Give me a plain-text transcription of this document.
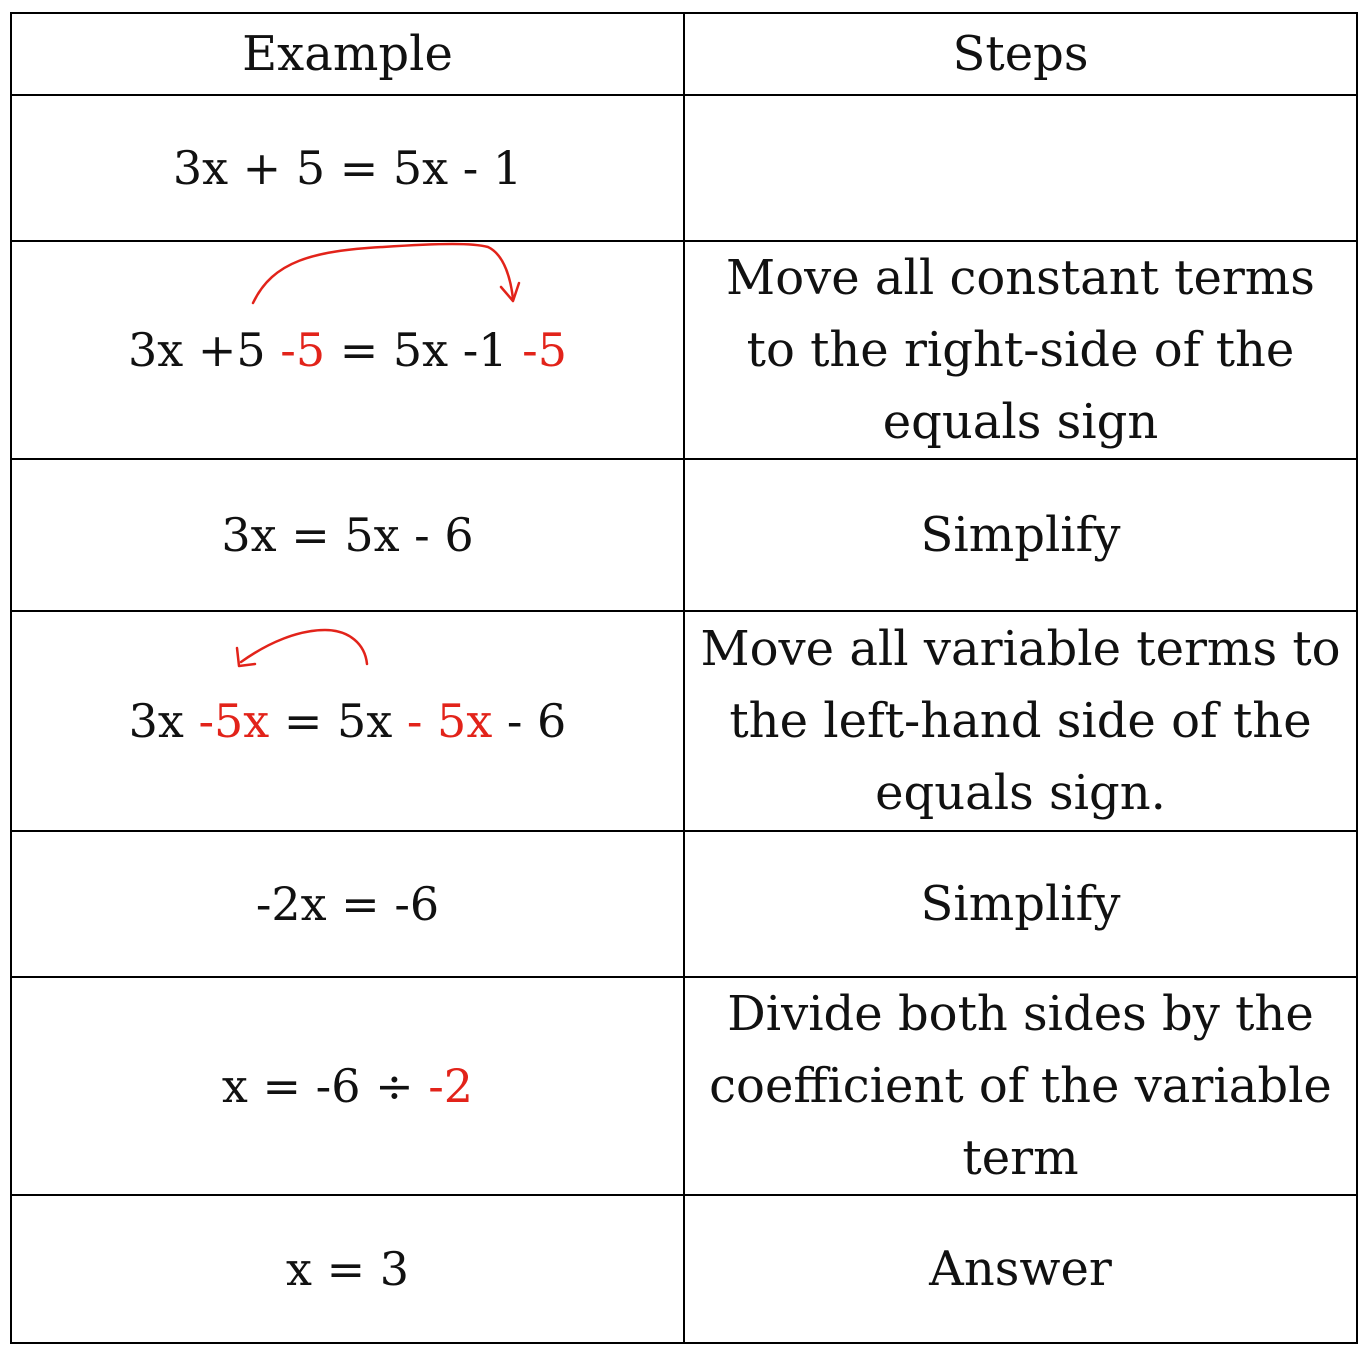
Example	Steps
3x + 5 = 5x - 1	

3x +5 -5 = 5x -1 -5	Move all constant terms to the right-side of the equals sign
3x = 5x - 6	Simplify

3x -5x = 5x - 5x - 6	Move all variable terms to the left-hand side of the equals sign.
-2x = -6	Simplify
x = -6 ÷ -2	Divide both sides by the coefficient of the variable term
x = 3	Answer
